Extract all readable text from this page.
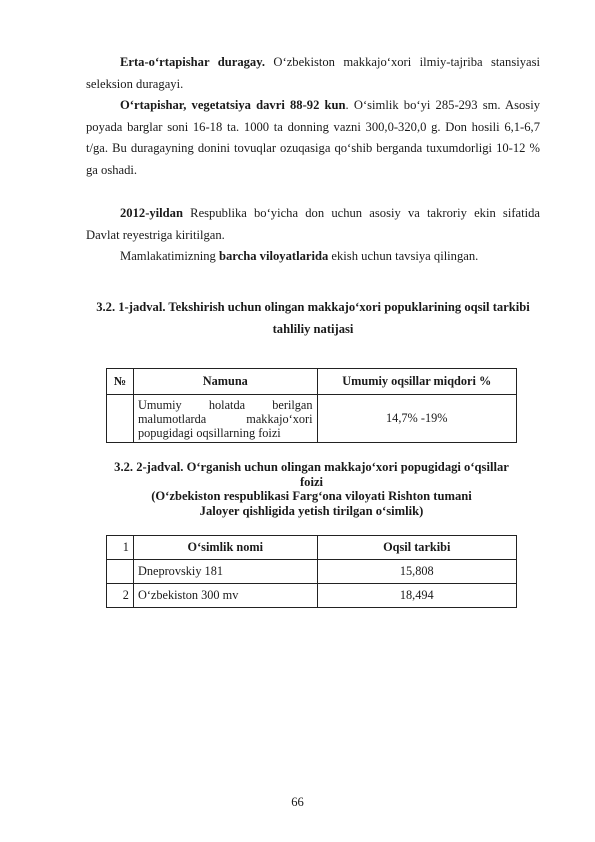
Erta-o‘rtapishar duragay. O‘zbekiston makkajo‘xori ilmiy-tajriba stansiyasi seleksion duragayi.
O‘rtapishar, vegetatsiya davri 88-92 kun. O‘simlik bo‘yi 285-293 sm. Asosiy poyada barglar soni 16-18 ta. 1000 ta donning vazni 300,0-320,0 g. Don hosili 6,1-6,7 t/ga. Bu duragayning donini tovuqlar ozuqasiga qo‘shib berganda tuxumdorligi 10-12 % ga oshadi.
2012-yildan Respublika bo‘yicha don uchun asosiy va takroriy ekin sifatida Davlat reyestriga kiritilgan.
Mamlakatimizning barcha viloyatlarida ekish uchun tavsiya qilingan.
3.2. 1-jadval. Tekshirish uchun olingan makkajo‘xori popuklarining oqsil tarkibi
tahliliy natijasi
№	Namuna	Umumiy oqsillar miqdori %
	Umumiy holatda berilgan malumotlarda makkajo‘xori popugidagi oqsillarning foizi	14,7% -19%
3.2. 2-jadval. O‘rganish uchun olingan makkajo‘xori popugidagi o‘qsillar foizi
(O‘zbekiston respublikasi Farg‘ona viloyati Rishton tumani
Jaloyer qishligida yetish tirilgan o‘simlik)
1	O‘simlik nomi	Oqsil tarkibi
	Dneprovskiy 181	15,808
2	O‘zbekiston 300 mv	18,494
66
